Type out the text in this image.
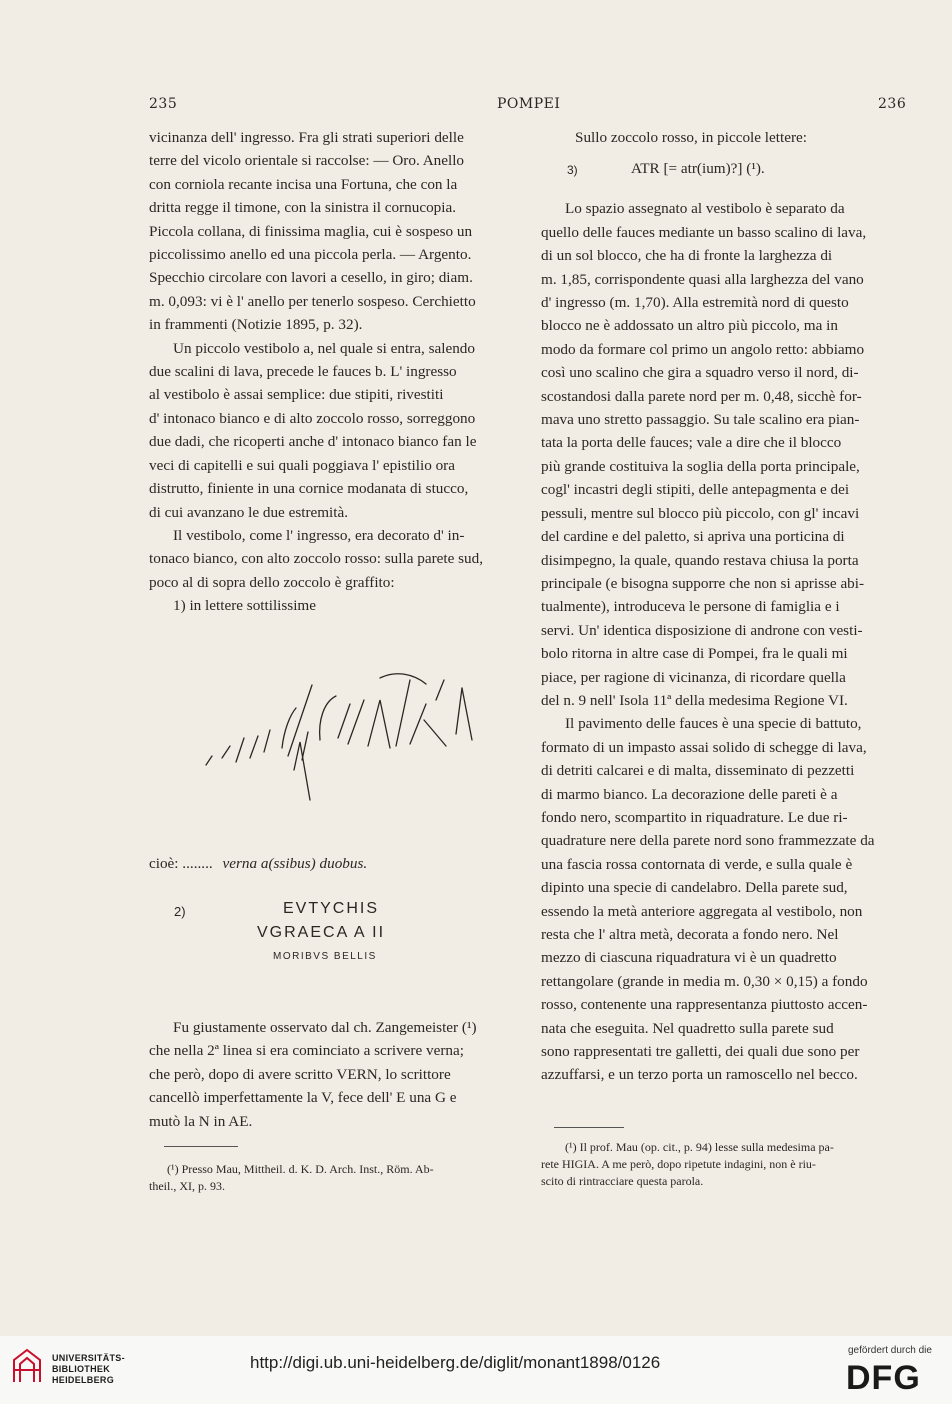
235	POMPEI	236
vicinanza dell' ingresso. Fra gli strati superiori delle
terre del vicolo orientale si raccolse: — Oro. Anello
con corniola recante incisa una Fortuna, che con la
dritta regge il timone, con la sinistra il cornucopia.
Piccola collana, di finissima maglia, cui è sospeso un
piccolissimo anello ed una piccola perla. — Argento.
Specchio circolare con lavori a cesello, in giro; diam.
m. 0,093: vi è l' anello per tenerlo sospeso. Cerchietto
in frammenti (Notizie 1895, p. 32).
Un piccolo vestibolo a, nel quale si entra, salendo
due scalini di lava, precede le fauces b. L' ingresso
al vestibolo è assai semplice: due stipiti, rivestiti
d' intonaco bianco e di alto zoccolo rosso, sorreggono
due dadi, che ricoperti anche d' intonaco bianco fan le
veci di capitelli e sui quali poggiava l' epistilio ora
distrutto, finiente in una cornice modanata di stucco,
di cui avanzano le due estremità.
Il vestibolo, come l' ingresso, era decorato d' in-
tonaco bianco, con alto zoccolo rosso: sulla parete sud,
poco al di sopra dello zoccolo è graffito:
1) in lettere sottilissime
cioè: ........ verna a(ssibus) duobus.
2)	EVTYCHIS
VGRAECA A II
MORIBVS BELLIS
Fu giustamente osservato dal ch. Zangemeister (¹)
che nella 2ª linea si era cominciato a scrivere verna;
che però, dopo di avere scritto VERN, lo scrittore
cancellò imperfettamente la V, fece dell' E una G e
mutò la N in AE.
(¹) Presso Mau, Mittheil. d. K. D. Arch. Inst., Röm. Ab-
theil., XI, p. 93.
Sullo zoccolo rosso, in piccole lettere:
3)	ATR [= atr(ium)?] (¹).
Lo spazio assegnato al vestibolo è separato da
quello delle fauces mediante un basso scalino di lava,
di un sol blocco, che ha di fronte la larghezza di
m. 1,85, corrispondente quasi alla larghezza del vano
d' ingresso (m. 1,70). Alla estremità nord di questo
blocco ne è addossato un altro più piccolo, ma in
modo da formare col primo un angolo retto: abbiamo
così uno scalino che gira a squadro verso il nord, di-
scostandosi dalla parete nord per m. 0,48, sicchè for-
mava uno stretto passaggio. Su tale scalino era pian-
tata la porta delle fauces; vale a dire che il blocco
più grande costituiva la soglia della porta principale,
cogl' incastri degli stipiti, delle antepagmenta e dei
pessuli, mentre sul blocco più piccolo, con gl' incavi
del cardine e del paletto, si apriva una porticina di
disimpegno, la quale, quando restava chiusa la porta
principale (e bisogna supporre che non si aprisse abi-
tualmente), introduceva le persone di famiglia e i
servi. Un' identica disposizione di androne con vesti-
bolo ritorna in altre case di Pompei, fra le quali mi
piace, per ragione di vicinanza, di ricordare quella
del n. 9 nell' Isola 11ª della medesima Regione VI.
Il pavimento delle fauces è una specie di battuto,
formato di un impasto assai solido di schegge di lava,
di detriti calcarei e di malta, disseminato di pezzetti
di marmo bianco. La decorazione delle pareti è a
fondo nero, scompartito in riquadrature. Le due ri-
quadrature nere della parete nord sono frammezzate da
una fascia rossa contornata di verde, e sulla quale è
dipinto una specie di candelabro. Della parete sud,
essendo la metà anteriore aggregata al vestibolo, non
resta che l' altra metà, decorata a fondo nero. Nel
mezzo di ciascuna riquadratura vi è un quadretto
rettangolare (grande in media m. 0,30 × 0,15) a fondo
rosso, contenente una rappresentanza piuttosto accen-
nata che eseguita. Nel quadretto sulla parete sud
sono rappresentati tre galletti, dei quali due sono per
azzuffarsi, e un terzo porta un ramoscello nel becco.
(¹) Il prof. Mau (op. cit., p. 94) lesse sulla medesima pa-
rete HIGIA. A me però, dopo ripetute indagini, non è riu-
scito di rintracciare questa parola.
UNIVERSITÄTS-
BIBLIOTHEK
HEIDELBERG
http://digi.ub.uni-heidelberg.de/diglit/monant1898/0126
gefördert durch die
DFG
